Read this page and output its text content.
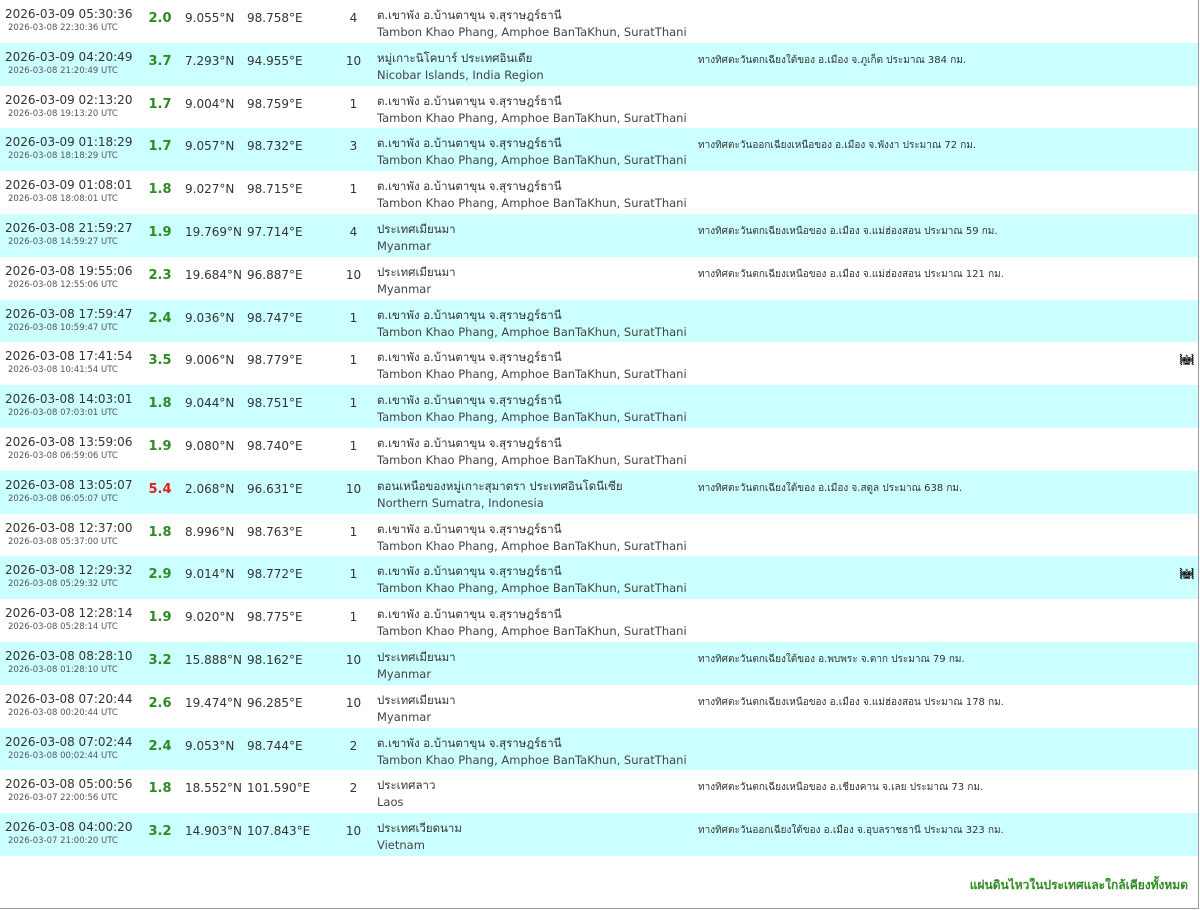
2026-03-09 05:30:36
2026-03-08 22:30:36 UTC	2.0	9.055°N	98.758°E	4	ต.เขาพัง อ.บ้านตาขุน จ.สุราษฎร์ธานี
Tambon Khao Phang, Amphoe BanTaKhun, SuratThani		

2026-03-09 04:20:49
2026-03-08 21:20:49 UTC	3.7	7.293°N	94.955°E	10	หมู่เกาะนิโคบาร์ ประเทศอินเดีย
Nicobar Islands, India Region	ทางทิศตะวันตกเฉียงใต้ของ อ.เมือง จ.ภูเก็ต ประมาณ 384 กม.	

2026-03-09 02:13:20
2026-03-08 19:13:20 UTC	1.7	9.004°N	98.759°E	1	ต.เขาพัง อ.บ้านตาขุน จ.สุราษฎร์ธานี
Tambon Khao Phang, Amphoe BanTaKhun, SuratThani		

2026-03-09 01:18:29
2026-03-08 18:18:29 UTC	1.7	9.057°N	98.732°E	3	ต.เขาพัง อ.บ้านตาขุน จ.สุราษฎร์ธานี
Tambon Khao Phang, Amphoe BanTaKhun, SuratThani	ทางทิศตะวันออกเฉียงเหนือของ อ.เมือง จ.พังงา ประมาณ 72 กม.	

2026-03-09 01:08:01
2026-03-08 18:08:01 UTC	1.8	9.027°N	98.715°E	1	ต.เขาพัง อ.บ้านตาขุน จ.สุราษฎร์ธานี
Tambon Khao Phang, Amphoe BanTaKhun, SuratThani		

2026-03-08 21:59:27
2026-03-08 14:59:27 UTC	1.9	19.769°N	97.714°E	4	ประเทศเมียนมา
Myanmar	ทางทิศตะวันตกเฉียงเหนือของ อ.เมือง จ.แม่ฮ่องสอน ประมาณ 59 กม.	

2026-03-08 19:55:06
2026-03-08 12:55:06 UTC	2.3	19.684°N	96.887°E	10	ประเทศเมียนมา
Myanmar	ทางทิศตะวันตกเฉียงเหนือของ อ.เมือง จ.แม่ฮ่องสอน ประมาณ 121 กม.	

2026-03-08 17:59:47
2026-03-08 10:59:47 UTC	2.4	9.036°N	98.747°E	1	ต.เขาพัง อ.บ้านตาขุน จ.สุราษฎร์ธานี
Tambon Khao Phang, Amphoe BanTaKhun, SuratThani		

2026-03-08 17:41:54
2026-03-08 10:41:54 UTC	3.5	9.006°N	98.779°E	1	ต.เขาพัง อ.บ้านตาขุน จ.สุราษฎร์ธานี
Tambon Khao Phang, Amphoe BanTaKhun, SuratThani		⦚♚⦚

2026-03-08 14:03:01
2026-03-08 07:03:01 UTC	1.8	9.044°N	98.751°E	1	ต.เขาพัง อ.บ้านตาขุน จ.สุราษฎร์ธานี
Tambon Khao Phang, Amphoe BanTaKhun, SuratThani		

2026-03-08 13:59:06
2026-03-08 06:59:06 UTC	1.9	9.080°N	98.740°E	1	ต.เขาพัง อ.บ้านตาขุน จ.สุราษฎร์ธานี
Tambon Khao Phang, Amphoe BanTaKhun, SuratThani		

2026-03-08 13:05:07
2026-03-08 06:05:07 UTC	5.4	2.068°N	96.631°E	10	ตอนเหนือของหมู่เกาะสุมาตรา ประเทศอินโดนีเซีย
Northern Sumatra, Indonesia	ทางทิศตะวันตกเฉียงใต้ของ อ.เมือง จ.สตูล ประมาณ 638 กม.	

2026-03-08 12:37:00
2026-03-08 05:37:00 UTC	1.8	8.996°N	98.763°E	1	ต.เขาพัง อ.บ้านตาขุน จ.สุราษฎร์ธานี
Tambon Khao Phang, Amphoe BanTaKhun, SuratThani		

2026-03-08 12:29:32
2026-03-08 05:29:32 UTC	2.9	9.014°N	98.772°E	1	ต.เขาพัง อ.บ้านตาขุน จ.สุราษฎร์ธานี
Tambon Khao Phang, Amphoe BanTaKhun, SuratThani		⦚♚⦚

2026-03-08 12:28:14
2026-03-08 05:28:14 UTC	1.9	9.020°N	98.775°E	1	ต.เขาพัง อ.บ้านตาขุน จ.สุราษฎร์ธานี
Tambon Khao Phang, Amphoe BanTaKhun, SuratThani		

2026-03-08 08:28:10
2026-03-08 01:28:10 UTC	3.2	15.888°N	98.162°E	10	ประเทศเมียนมา
Myanmar	ทางทิศตะวันตกเฉียงใต้ของ อ.พบพระ จ.ตาก ประมาณ 79 กม.	

2026-03-08 07:20:44
2026-03-08 00:20:44 UTC	2.6	19.474°N	96.285°E	10	ประเทศเมียนมา
Myanmar	ทางทิศตะวันตกเฉียงเหนือของ อ.เมือง จ.แม่ฮ่องสอน ประมาณ 178 กม.	

2026-03-08 07:02:44
2026-03-08 00:02:44 UTC	2.4	9.053°N	98.744°E	2	ต.เขาพัง อ.บ้านตาขุน จ.สุราษฎร์ธานี
Tambon Khao Phang, Amphoe BanTaKhun, SuratThani		

2026-03-08 05:00:56
2026-03-07 22:00:56 UTC	1.8	18.552°N	101.590°E	2	ประเทศลาว
Laos	ทางทิศตะวันตกเฉียงเหนือของ อ.เชียงคาน จ.เลย ประมาณ 73 กม.	

2026-03-08 04:00:20
2026-03-07 21:00:20 UTC	3.2	14.903°N	107.843°E	10	ประเทศเวียดนาม
Vietnam	ทางทิศตะวันออกเฉียงใต้ของ อ.เมือง จ.อุบลราชธานี ประมาณ 323 กม.	
แผ่นดินไหวในประเทศและใกล้เคียงทั้งหมด
